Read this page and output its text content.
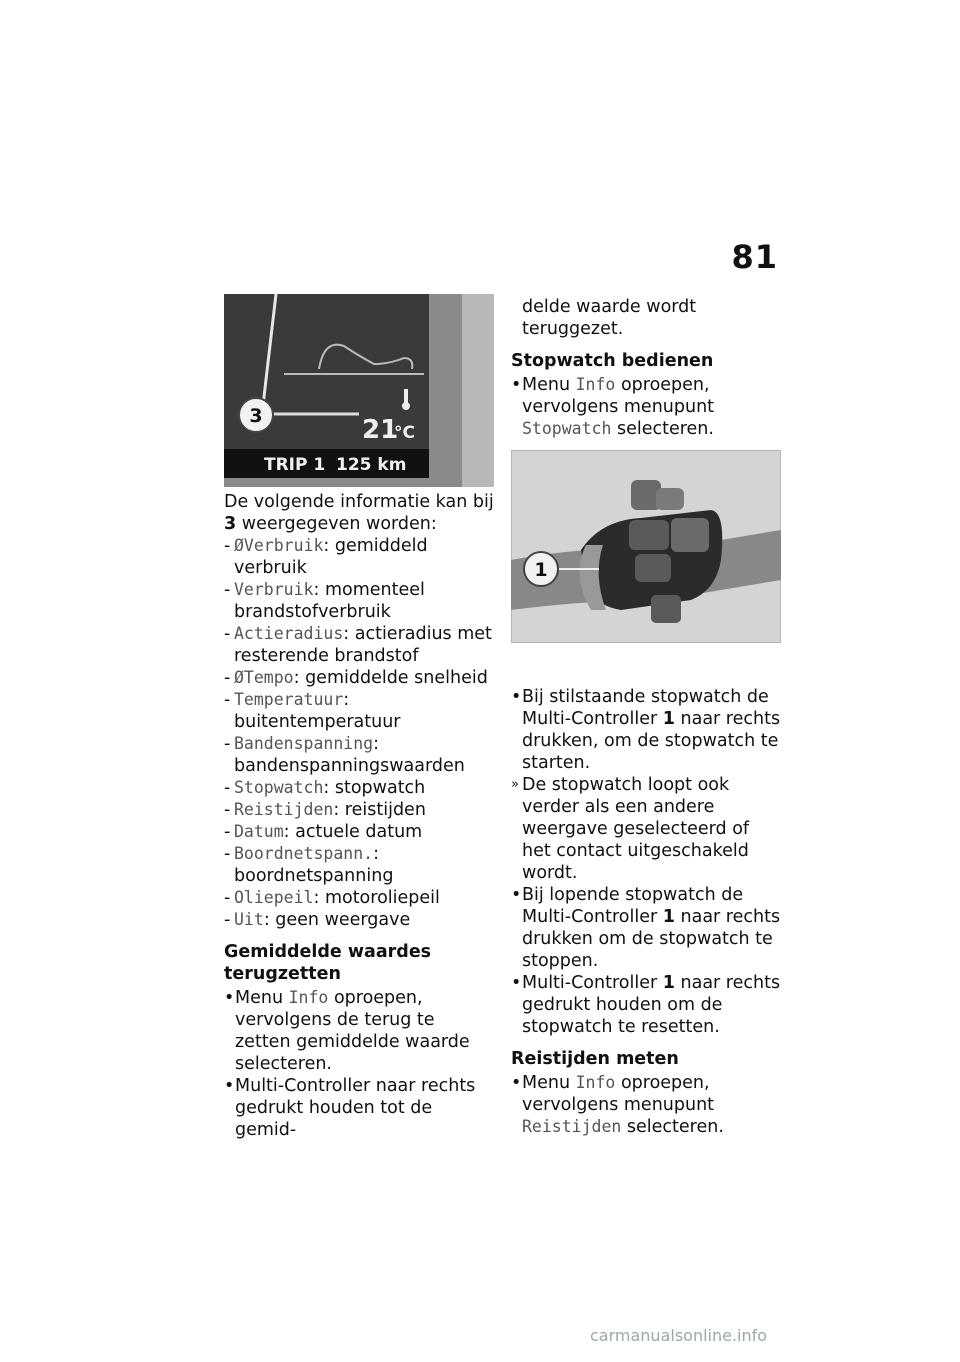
81
3	21
°C
TRIP 1 125 km

De volgende informatie kan bij 3 weergegeven worden:

- ØVerbruik: gemiddeld verbruik

- Verbruik: momenteel brandstofverbruik

- Actieradius: actieradius met resterende brandstof

- ØTempo: gemiddelde snelheid

- Temperatuur: buitentemperatuur

- Bandenspanning: bandenspanningswaarden

- Stopwatch: stopwatch

- Reistijden: reistijden

- Datum: actuele datum

- Boordnetspann.: boordnetspanning

- Oliepeil: motoroliepeil

- Uit: geen weergave

Gemiddelde waardes terugzetten

• Menu Info oproepen, vervolgens de terug te zetten gemiddelde waarde selecteren.

• Multi-Controller naar rechts gedrukt houden tot de gemid-

1

delde waarde wordt teruggezet.

Stopwatch bedienen

• Menu Info oproepen, vervolgens menupunt Stopwatch selecteren.

• Bij stilstaande stopwatch de Multi-Controller 1 naar rechts drukken, om de stopwatch te starten.

» De stopwatch loopt ook verder als een andere weergave geselecteerd of het contact uitgeschakeld wordt.

• Bij lopende stopwatch de Multi-Controller 1 naar rechts drukken om de stopwatch te stoppen.

• Multi-Controller 1 naar rechts gedrukt houden om de stopwatch te resetten.

Reistijden meten

• Menu Info oproepen, vervolgens menupunt Reistijden selecteren.

carmanualsonline.info
